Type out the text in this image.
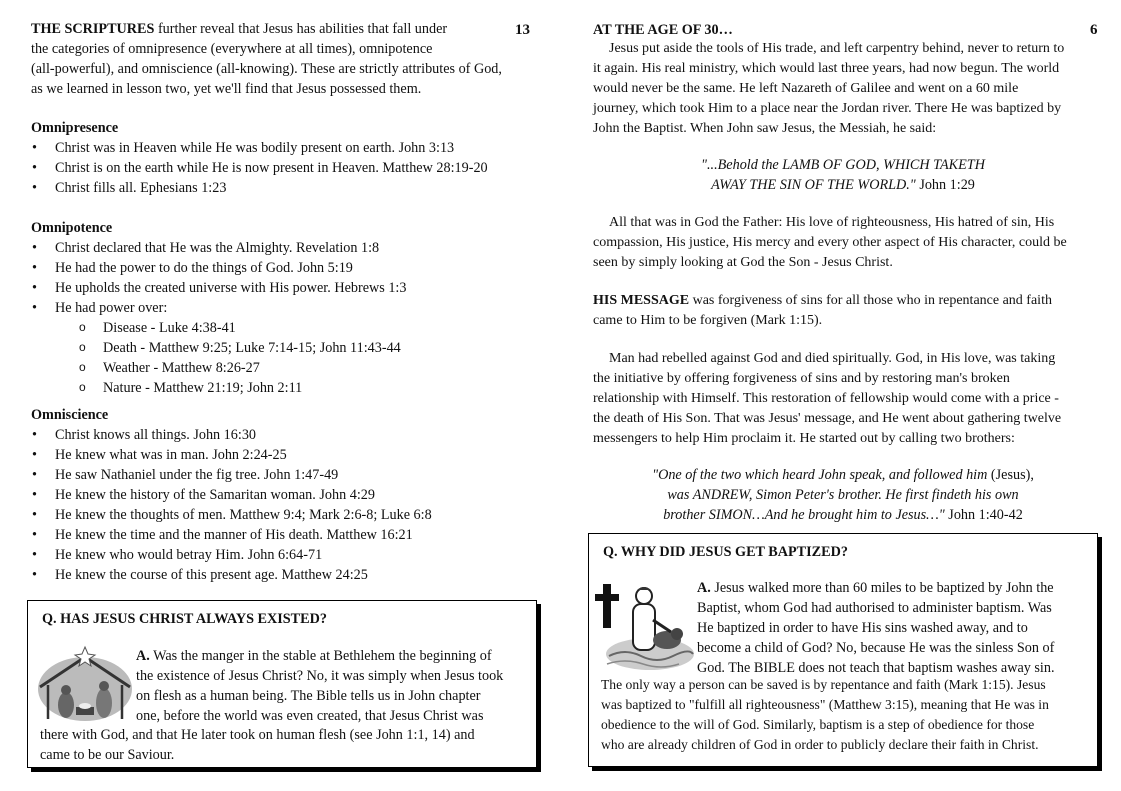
13

THE SCRIPTURES further reveal that Jesus has abilities that fall under

the categories of omnipresence (everywhere at all times), omnipotence

(all-powerful), and omniscience (all-knowing). These are strictly attributes of God,

as we learned in lesson two, yet we'll find that Jesus possessed them.

Omnipresence
• Christ was in Heaven while He was bodily present on earth. John 3:13
• Christ is on the earth while He is now present in Heaven. Matthew 28:19-20
• Christ fills all. Ephesians 1:23
Omnipotence
• Christ declared that He was the Almighty. Revelation 1:8
• He had the power to do the things of God. John 5:19
• He upholds the created universe with His power. Hebrews 1:3
• He had power over:
o Disease - Luke 4:38-41
o Death - Matthew 9:25; Luke 7:14-15; John 11:43-44
o Weather - Matthew 8:26-27
o Nature - Matthew 21:19; John 2:11
Omniscience
• Christ knows all things. John 16:30
• He knew what was in man. John 2:24-25
• He saw Nathaniel under the fig tree. John 1:47-49
• He knew the history of the Samaritan woman. John 4:29
• He knew the thoughts of men. Matthew 9:4; Mark 2:6-8; Luke 6:8
• He knew the time and the manner of His death. Matthew 16:21
• He knew who would betray Him. John 6:64-71
• He knew the course of this present age. Matthew 24:25
Q. HAS JESUS CHRIST ALWAYS EXISTED?

A. Was the manger in the stable at Bethlehem the beginning of

the existence of Jesus Christ? No, it was simply when Jesus took

on flesh as a human being. The Bible tells us in John chapter

one, before the world was even created, that Jesus Christ was

there with God, and that He later took on human flesh (see John 1:1, 14) and

came to be our Saviour.

6
AT THE AGE OF 30…

Jesus put aside the tools of His trade, and left carpentry behind, never to return to

it again. His real ministry, which would last three years, had now begun. The world

would never be the same. He left Nazareth of Galilee and went on a 60 mile

journey, which took Him to a place near the Jordan river. There He was baptized by

John the Baptist. When John saw Jesus, the Messiah, he said:

"...Behold the LAMB OF GOD, WHICH TAKETH

AWAY THE SIN OF THE WORLD." John 1:29

All that was in God the Father: His love of righteousness, His hatred of sin, His

compassion, His justice, His mercy and every other aspect of His character, could be

seen by simply looking at God the Son - Jesus Christ.

HIS MESSAGE was forgiveness of sins for all those who in repentance and faith

came to Him to be forgiven (Mark 1:15).

Man had rebelled against God and died spiritually. God, in His love, was taking

the initiative by offering forgiveness of sins and by restoring man's broken

relationship with Himself. This restoration of fellowship would come with a price -

the death of His Son. That was Jesus' message, and He went about gathering twelve

messengers to help Him proclaim it. He started out by calling two brothers:

"One of the two which heard John speak, and followed him (Jesus),

was ANDREW, Simon Peter's brother. He first findeth his own

brother SIMON…And he brought him to Jesus…" John 1:40-42

Q. WHY DID JESUS GET BAPTIZED?

A. Jesus walked more than 60 miles to be baptized by John the

Baptist, whom God had authorised to administer baptism. Was

He baptized in order to have His sins washed away, and to

become a child of God? No, because He was the sinless Son of

God. The BIBLE does not teach that baptism washes away sin.

The only way a person can be saved is by repentance and faith (Mark 1:15). Jesus

was baptized to "fulfill all righteousness" (Matthew 3:15), meaning that He was in

obedience to the will of God. Similarly, baptism is a step of obedience for those

who are already children of God in order to publicly declare their faith in Christ.
